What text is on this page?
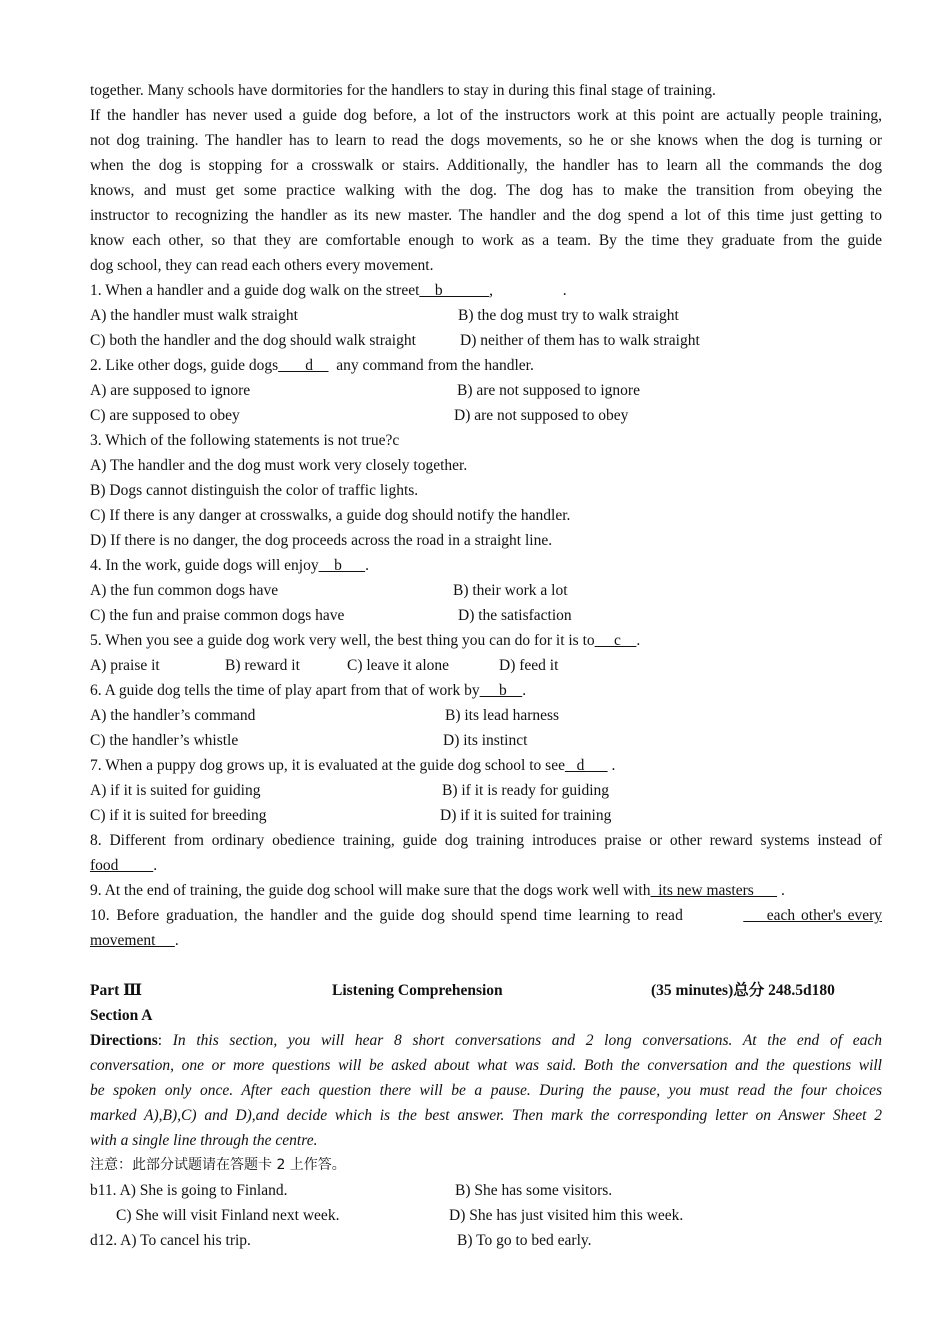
together. Many schools have dormitories for the handlers to stay in during this final stage of training.
If the handler has never used a guide dog before, a lot of the instructors work at this point are actually people training,
not dog training. The handler has to learn to read the dogs movements, so he or she knows when the dog is turning or
when the dog is stopping for a crosswalk or stairs. Additionally, the handler has to learn all the commands the dog
knows, and must get some practice walking with the dog. The dog has to make the transition from obeying the
instructor to recognizing the handler as its new master. The handler and the dog spend a lot of this time just getting to
know each other, so that they are comfortable enough to work as a team. By the time they graduate from the guide
dog school, they can read each others every movement.
1. When a handler and a guide dog walk on the street__b______,                  .
A) the handler must walk straight	B) the dog must try to walk straight
C) both the handler and the dog should walk straight	D) neither of them has to walk straight
2. Like other dogs, guide dogs       d      any command from the handler.
A) are supposed to ignore	B) are not supposed to ignore
C) are supposed to obey	D) are not supposed to obey
3. Which of the following statements is not true?c
A) The handler and the dog must work very closely together.
B) Dogs cannot distinguish the color of traffic lights.
C) If there is any danger at crosswalks, a guide dog should notify the handler.
D) If there is no danger, the dog proceeds across the road in a straight line.
4. In the work, guide dogs will enjoy    b      .
A) the fun common dogs have	B) their work a lot
C) the fun and praise common dogs have	D) the satisfaction
5. When you see a guide dog work very well, the best thing you can do for it is to     c    .
A) praise it	B) reward it	C) leave it alone	D) feed it
6. A guide dog tells the time of play apart from that of work by     b    .
A) the handler’s command	B) its lead harness
C) the handler’s whistle	D) its instinct
7. When a puppy dog grows up, it is evaluated at the guide dog school to see   d       .
A) if it is suited for guiding	B) if it is ready for guiding
C) if it is suited for breeding	D) if it is suited for training
8. Different from ordinary obedience training, guide dog training introduces praise or other reward systems instead of
food         .
9. At the end of training, the guide dog school will make sure that the dogs work well with  its new masters       .
10. Before graduation, the handler and the guide dog should spend time learning to read	each other's every
movement     .
Part Ⅲ	Listening Comprehension	(35 minutes)总分 248.5d180
Section A
Directions: In this section, you will hear 8 short conversations and 2 long conversations. At the end of each
conversation, one or more questions will be asked about what was said. Both the conversation and the questions will
be spoken only once. After each question there will be a pause. During the pause, you must read the four choices
marked A),B),C) and D),and decide which is the best answer. Then mark the corresponding letter on Answer Sheet 2
with a single line through the centre.
注意：此部分试题请在答题卡 2 上作答。
b11. A) She is going to Finland.	B) She has some visitors.
C) She will visit Finland next week.	D) She has just visited him this week.
d12. A) To cancel his trip.	B) To go to bed early.
